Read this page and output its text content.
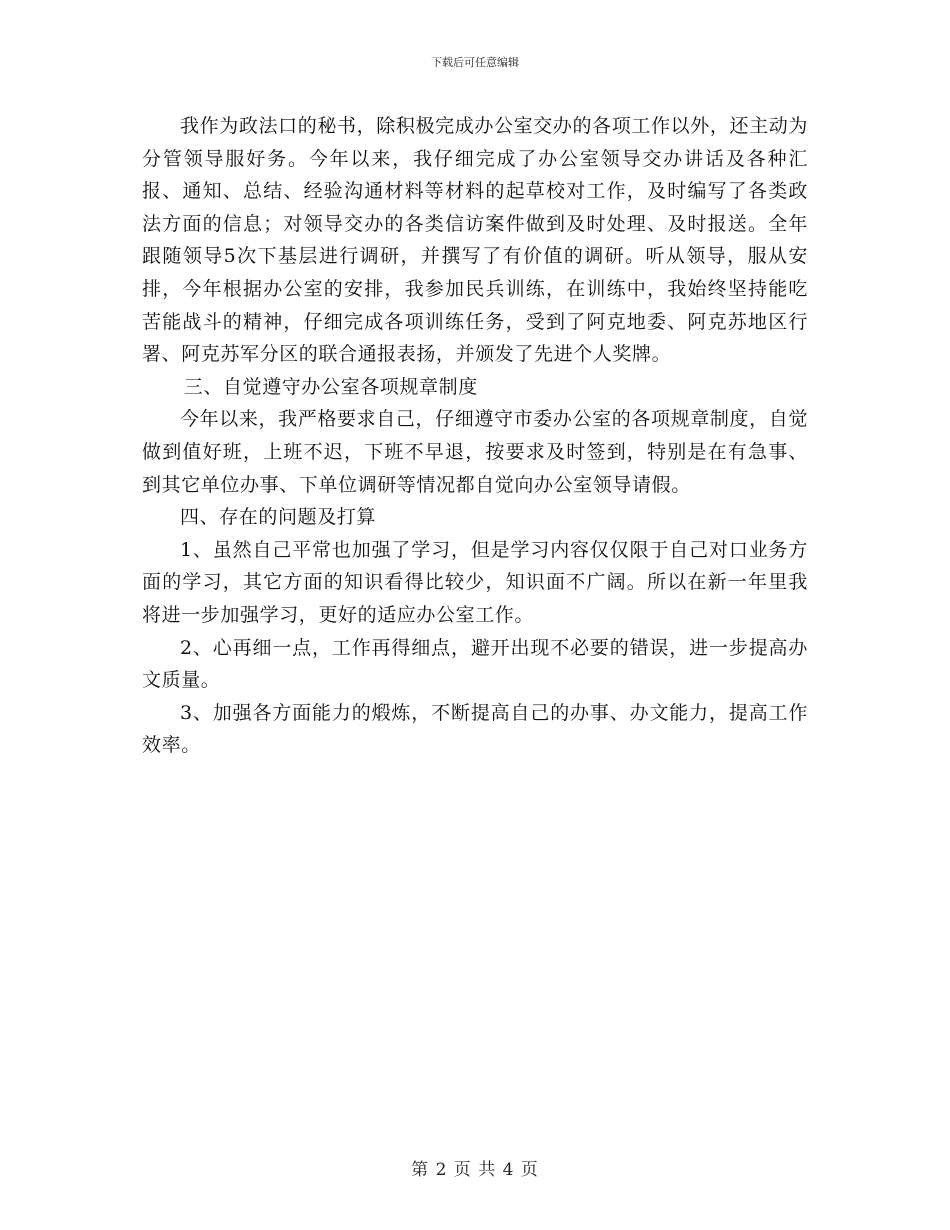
下载后可任意编辑

我作为政法口的秘书，除积极完成办公室交办的各项工作以外，还主动为分管领导服好务。今年以来，我仔细完成了办公室领导交办讲话及各种汇报、通知、总结、经验沟通材料等材料的起草校对工作，及时编写了各类政法方面的信息；对领导交办的各类信访案件做到及时处理、及时报送。全年跟随领导5次下基层进行调研，并撰写了有价值的调研。听从领导，服从安排，今年根据办公室的安排，我参加民兵训练，在训练中，我始终坚持能吃苦能战斗的精神，仔细完成各项训练任务，受到了阿克地委、阿克苏地区行署、阿克苏军分区的联合通报表扬，并颁发了先进个人奖牌。

三、自觉遵守办公室各项规章制度

今年以来，我严格要求自己，仔细遵守市委办公室的各项规章制度，自觉做到值好班，上班不迟，下班不早退，按要求及时签到，特别是在有急事、到其它单位办事、下单位调研等情况都自觉向办公室领导请假。

四、存在的问题及打算

1、虽然自己平常也加强了学习，但是学习内容仅仅限于自己对口业务方面的学习，其它方面的知识看得比较少，知识面不广阔。所以在新一年里我将进一步加强学习，更好的适应办公室工作。

2、心再细一点，工作再得细点，避开出现不必要的错误，进一步提高办文质量。

3、加强各方面能力的煅炼，不断提高自己的办事、办文能力，提高工作效率。

第 2 页 共 4 页
